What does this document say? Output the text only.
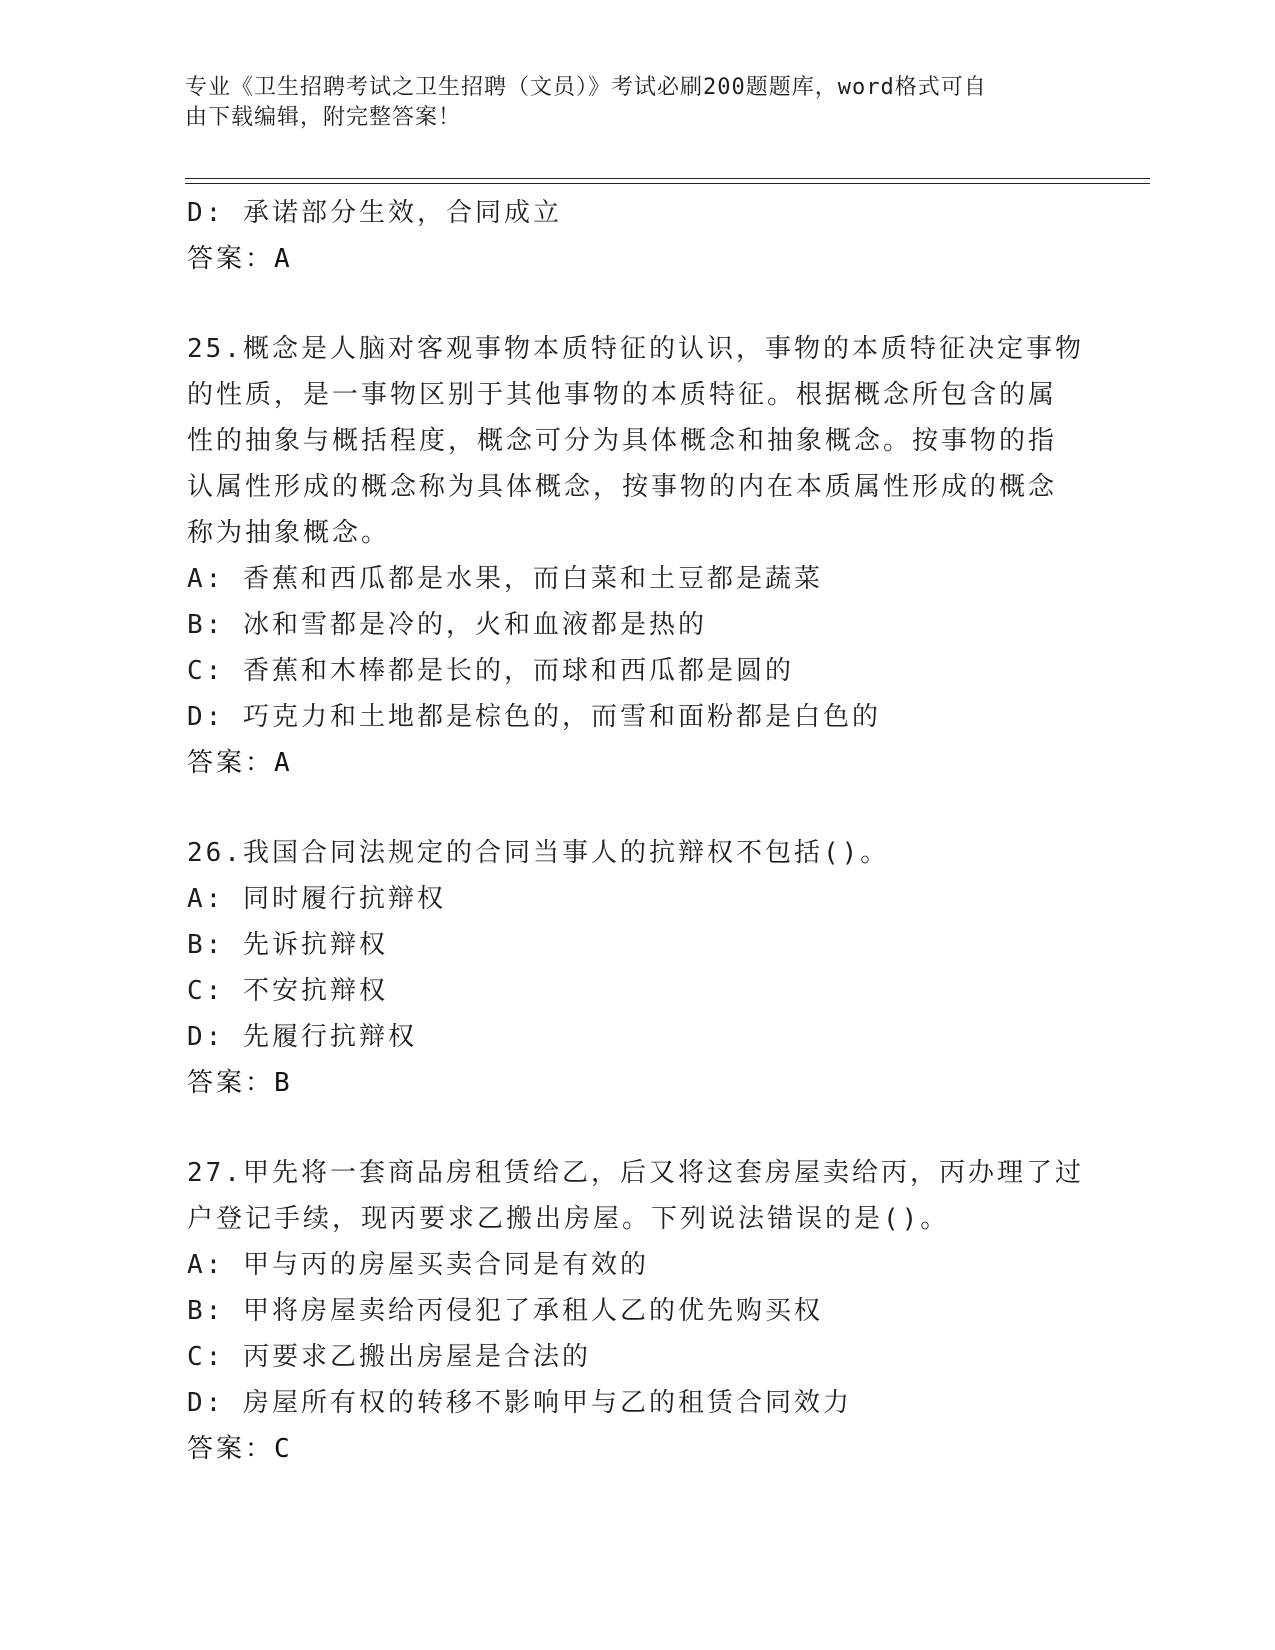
专业《卫生招聘考试之卫生招聘（文员）》考试必刷200题题库，word格式可自
由下载编辑，附完整答案！
D: 承诺部分生效，合同成立
答案：A
25.概念是人脑对客观事物本质特征的认识，事物的本质特征决定事物
的性质，是一事物区别于其他事物的本质特征。根据概念所包含的属
性的抽象与概括程度，概念可分为具体概念和抽象概念。按事物的指
认属性形成的概念称为具体概念，按事物的内在本质属性形成的概念
称为抽象概念。
A: 香蕉和西瓜都是水果，而白菜和土豆都是蔬菜
B: 冰和雪都是冷的，火和血液都是热的
C: 香蕉和木棒都是长的，而球和西瓜都是圆的
D: 巧克力和土地都是棕色的，而雪和面粉都是白色的
答案：A
26.我国合同法规定的合同当事人的抗辩权不包括()。
A: 同时履行抗辩权
B: 先诉抗辩权
C: 不安抗辩权
D: 先履行抗辩权
答案：B
27.甲先将一套商品房租赁给乙，后又将这套房屋卖给丙，丙办理了过
户登记手续，现丙要求乙搬出房屋。下列说法错误的是()。
A: 甲与丙的房屋买卖合同是有效的
B: 甲将房屋卖给丙侵犯了承租人乙的优先购买权
C: 丙要求乙搬出房屋是合法的
D: 房屋所有权的转移不影响甲与乙的租赁合同效力
答案：C
